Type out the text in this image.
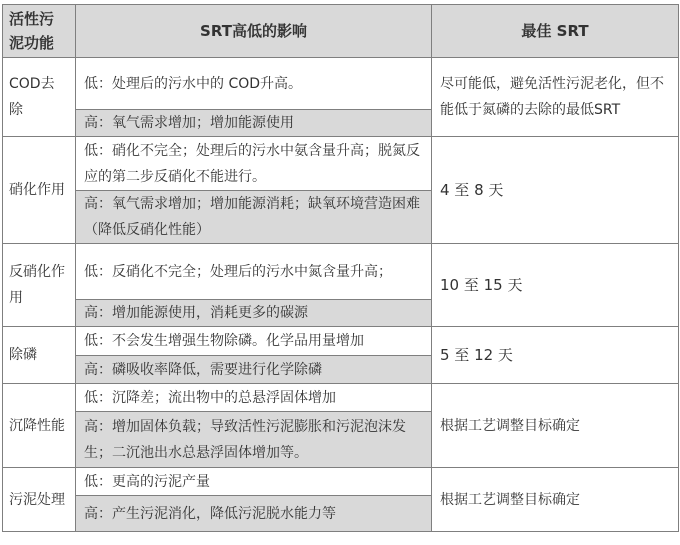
活性污泥功能	SRT高低的影响	最佳 SRT
COD去除	低：处理后的污水中的 COD升高。	尽可能低，避免活性污泥老化，但不能低于氮磷的去除的最低SRT
	高：氧气需求增加；增加能源使用	
硝化作用	低：硝化不完全；处理后的污水中氨含量升高；脱氮反应的第二步反硝化不能进行。	4 至 8 天
	高：氧气需求增加；增加能源消耗；缺氧环境营造困难（降低反硝化性能）	
反硝化作用	低：反硝化不完全；处理后的污水中氮含量升高；	10 至 15 天
	高：增加能源使用，消耗更多的碳源	
除磷	低：不会发生增强生物除磷。化学品用量增加	5 至 12 天
	高：磷吸收率降低，需要进行化学除磷	
沉降性能	低：沉降差；流出物中的总悬浮固体增加	根据工艺调整目标确定
	高：增加固体负载；导致活性污泥膨胀和污泥泡沫发生；二沉池出水总悬浮固体增加等。	
污泥处理	低：更高的污泥产量	根据工艺调整目标确定
	高：产生污泥消化，降低污泥脱水能力等	
